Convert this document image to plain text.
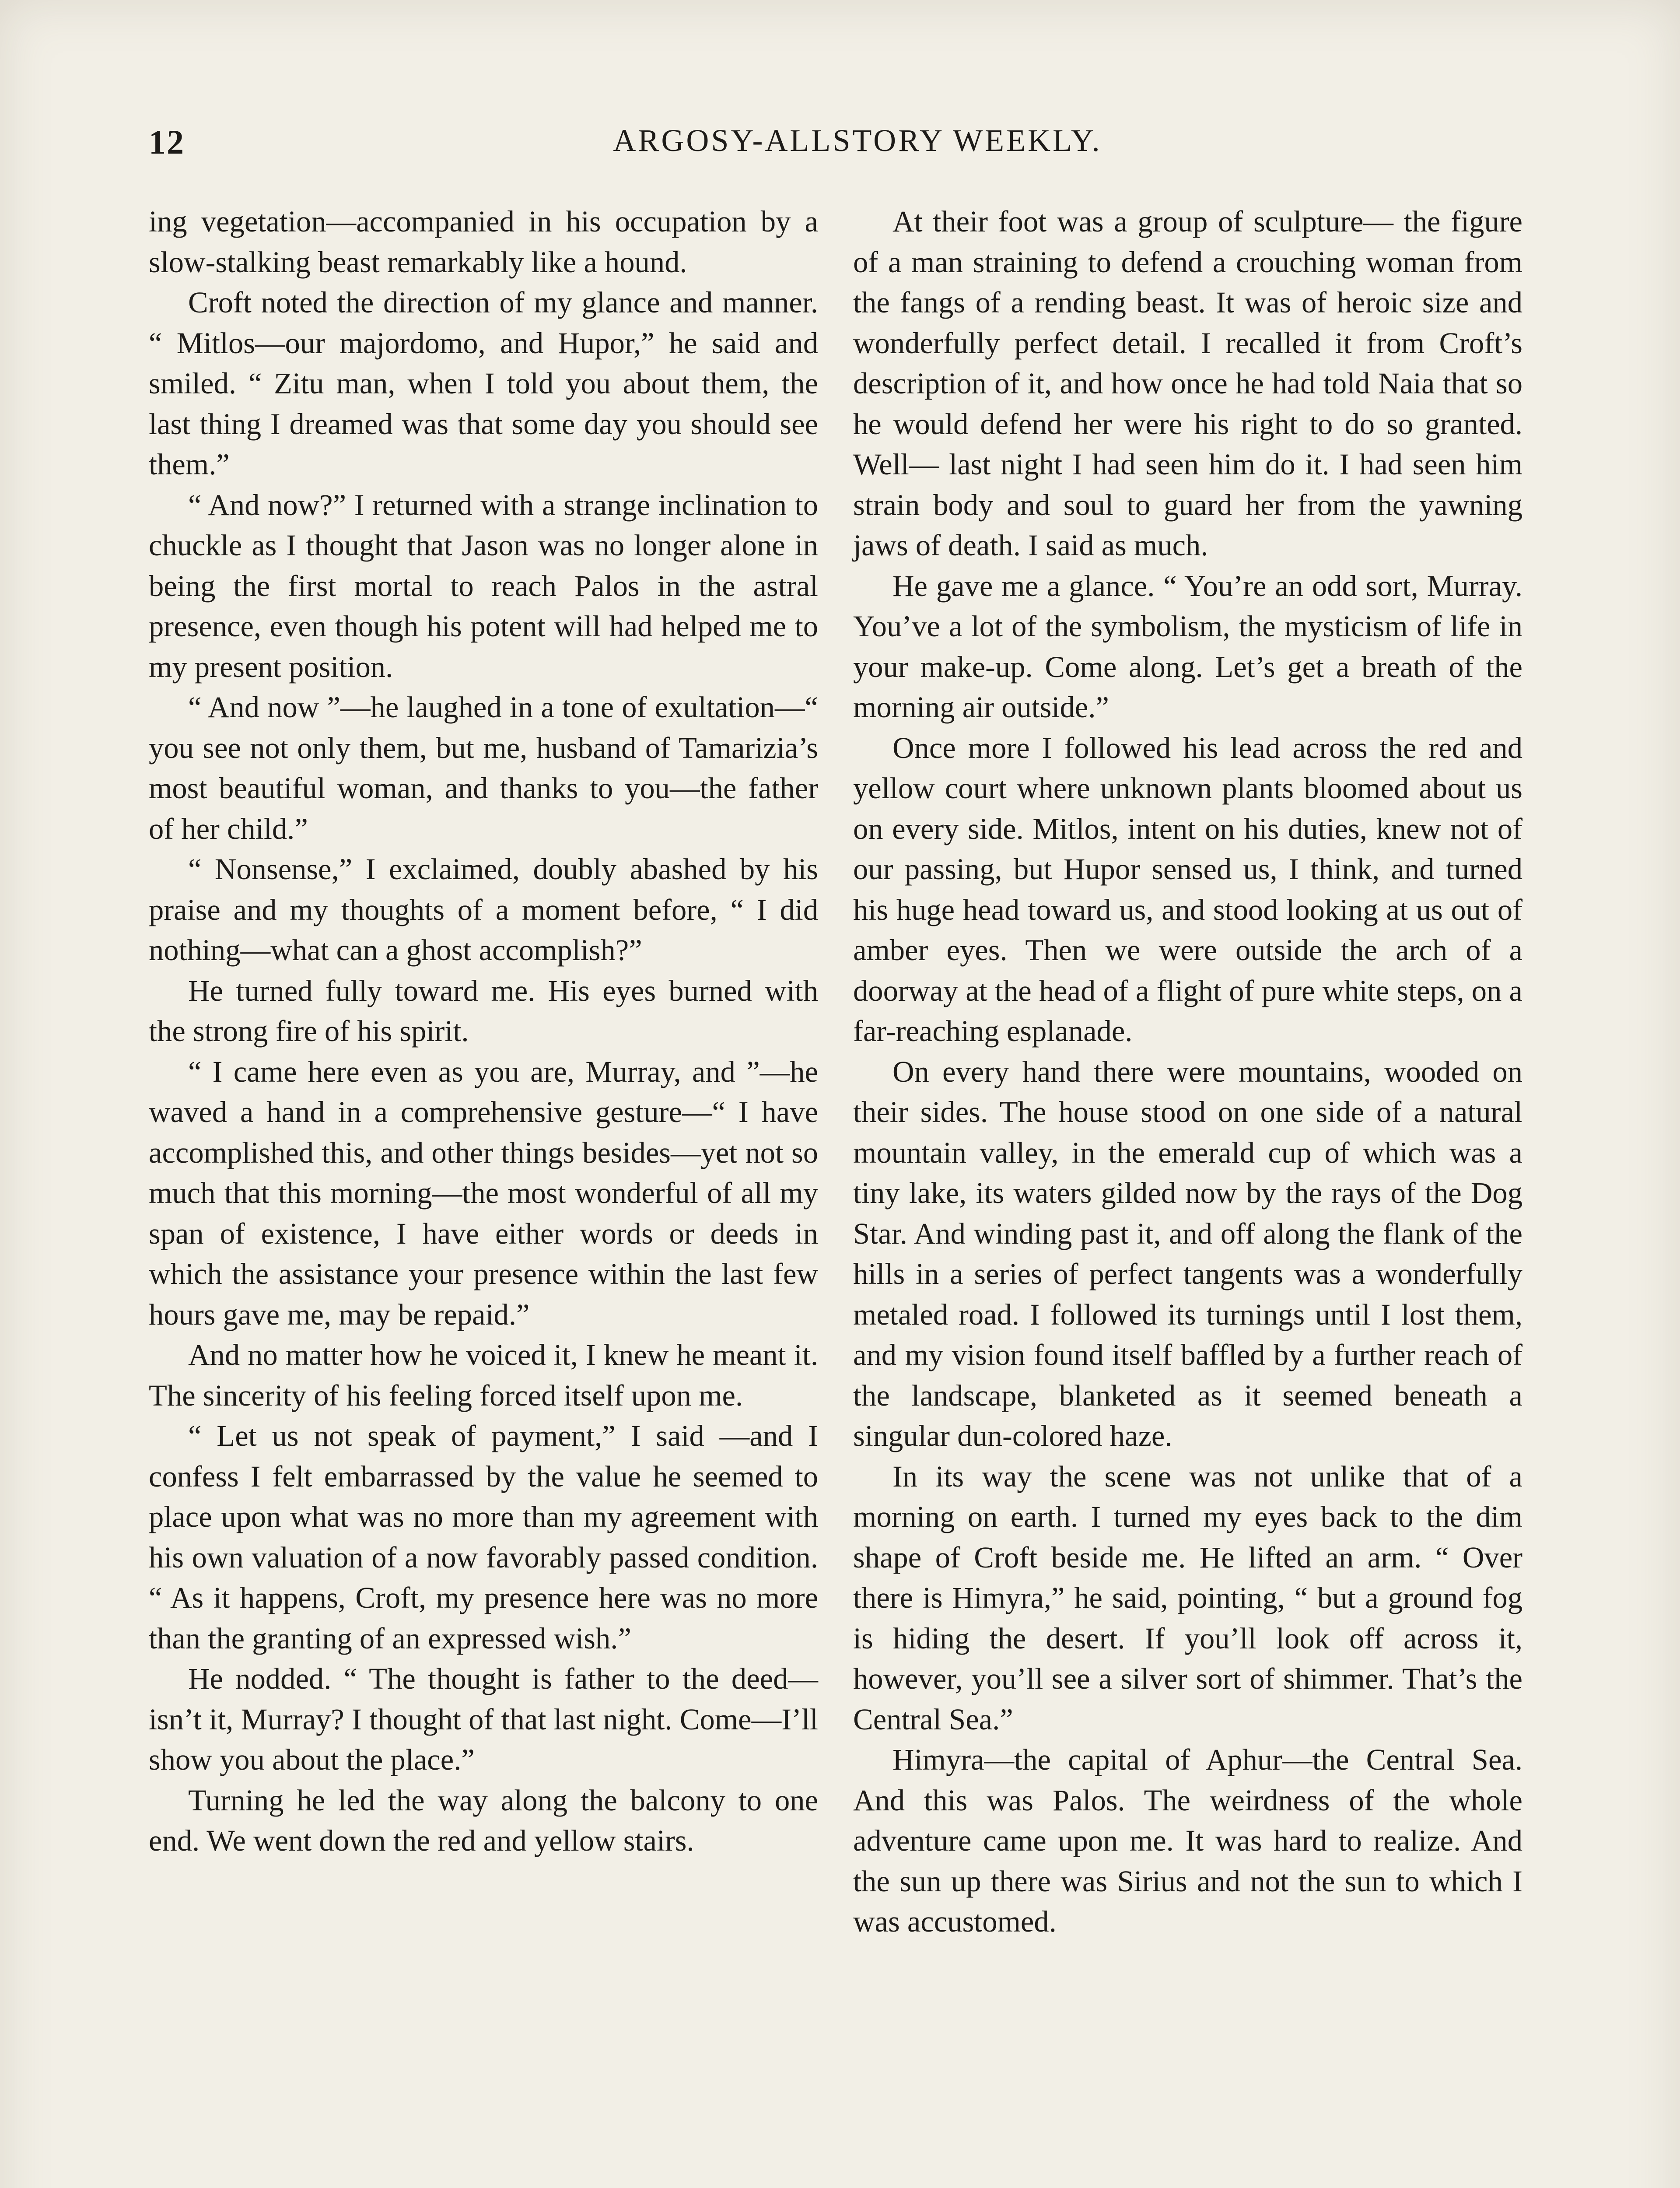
12	ARGOSY-ALLSTORY WEEKLY.

ing vegetation—accompanied in his occupation by a slow-stalking beast remarkably like a hound.

Croft noted the direction of my glance and manner. “ Mitlos—our majordomo, and Hupor,” he said and smiled. “ Zitu man, when I told you about them, the last thing I dreamed was that some day you should see them.”

“ And now?” I returned with a strange inclination to chuckle as I thought that Jason was no longer alone in being the first mortal to reach Palos in the astral presence, even though his potent will had helped me to my present position.

“ And now ”—he laughed in a tone of exultation—“ you see not only them, but me, husband of Tamarizia’s most beautiful woman, and thanks to you—the father of her child.”

“ Nonsense,” I exclaimed, doubly abashed by his praise and my thoughts of a moment before, “ I did nothing—what can a ghost accomplish?”

He turned fully toward me. His eyes burned with the strong fire of his spirit.

“ I came here even as you are, Murray, and ”—he waved a hand in a comprehensive gesture—“ I have accomplished this, and other things besides—yet not so much that this morning—the most wonderful of all my span of existence, I have either words or deeds in which the assistance your presence within the last few hours gave me, may be repaid.”

And no matter how he voiced it, I knew he meant it. The sincerity of his feeling forced itself upon me.

“ Let us not speak of payment,” I said —and I confess I felt embarrassed by the value he seemed to place upon what was no more than my agreement with his own valuation of a now favorably passed condition. “ As it happens, Croft, my presence here was no more than the granting of an expressed wish.”

He nodded. “ The thought is father to the deed—isn’t it, Murray? I thought of that last night. Come—I’ll show you about the place.”

Turning he led the way along the balcony to one end. We went down the red and yellow stairs.

At their foot was a group of sculpture— the figure of a man straining to defend a crouching woman from the fangs of a rending beast. It was of heroic size and wonderfully perfect detail. I recalled it from Croft’s description of it, and how once he had told Naia that so he would defend her were his right to do so granted. Well— last night I had seen him do it. I had seen him strain body and soul to guard her from the yawning jaws of death. I said as much.

He gave me a glance. “ You’re an odd sort, Murray. You’ve a lot of the symbolism, the mysticism of life in your make-up. Come along. Let’s get a breath of the morning air outside.”

Once more I followed his lead across the red and yellow court where unknown plants bloomed about us on every side. Mitlos, intent on his duties, knew not of our passing, but Hupor sensed us, I think, and turned his huge head toward us, and stood looking at us out of amber eyes. Then we were outside the arch of a doorway at the head of a flight of pure white steps, on a far-reaching esplanade.

On every hand there were mountains, wooded on their sides. The house stood on one side of a natural mountain valley, in the emerald cup of which was a tiny lake, its waters gilded now by the rays of the Dog Star. And winding past it, and off along the flank of the hills in a series of perfect tangents was a wonderfully metaled road. I followed its turnings until I lost them, and my vision found itself baffled by a further reach of the landscape, blanketed as it seemed beneath a singular dun-colored haze.

In its way the scene was not unlike that of a morning on earth. I turned my eyes back to the dim shape of Croft beside me. He lifted an arm. “ Over there is Himyra,” he said, pointing, “ but a ground fog is hiding the desert. If you’ll look off across it, however, you’ll see a silver sort of shimmer. That’s the Central Sea.”

Himyra—the capital of Aphur—the Central Sea. And this was Palos. The weirdness of the whole adventure came upon me. It was hard to realize. And the sun up there was Sirius and not the sun to which I was accustomed.
